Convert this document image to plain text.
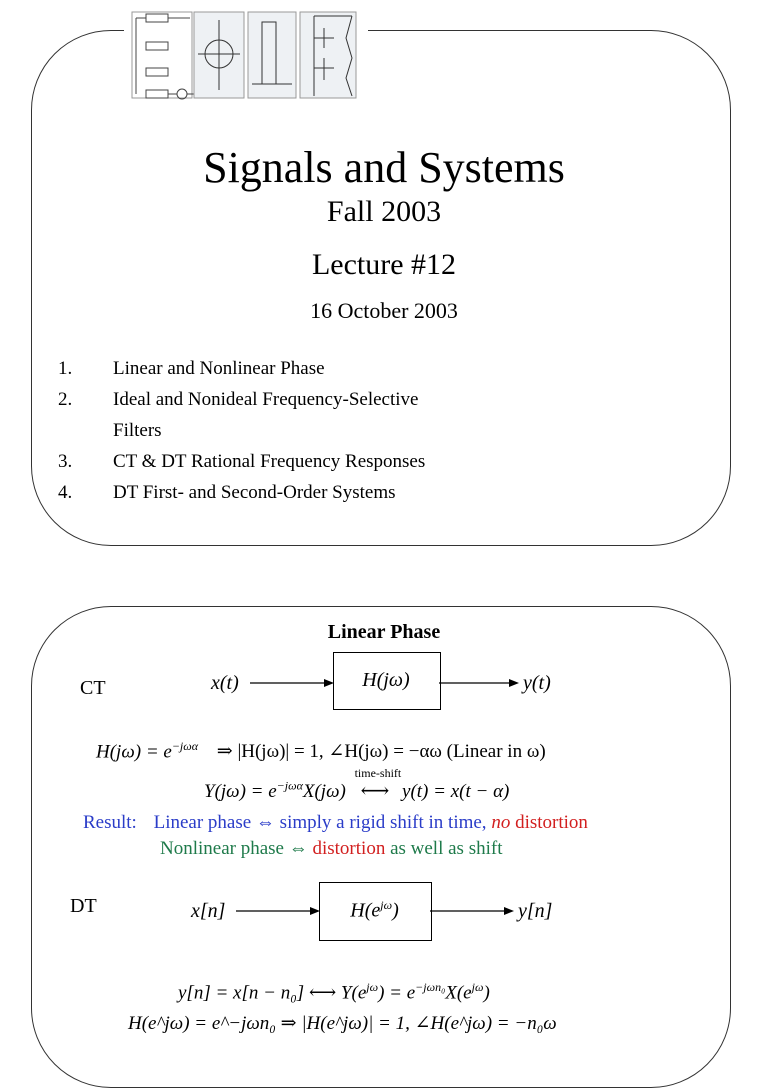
Signals and Systems
Fall 2003
Lecture #12
16 October 2003
1. Linear and Nonlinear Phase
2. Ideal and Nonideal Frequency-Selective
Filters
3. CT & DT Rational Frequency Responses
4. DT First- and Second-Order Systems
Linear Phase
CT	x(t)	H(jω)	y(t)
$H(j\omega) = e^{-j\omega\alpha}$ ⇒ |H(jω)| = 1, ∠H(jω) = −αω (Linear in ω)
$Y(j\omega) = e^{-j\omega\alpha}X(j\omega)$
time-shift
⟷ y(t) = x(t − α)
Result: Linear phase ⇔ simply a rigid shift in time, no distortion
Nonlinear phase ⇔ distortion as well as shift
DT	x[n]	$H(e^{j\omega})$	y[n]
y[n] = x[n − n₀] ⟷ $Y(e^{j\omega}) = e^{-j\omega n_0}X(e^{j\omega})$
H(e^jω) = e^−jωn₀ ⇒ |H(e^jω)| = 1, ∠H(e^jω) = −n₀ω
